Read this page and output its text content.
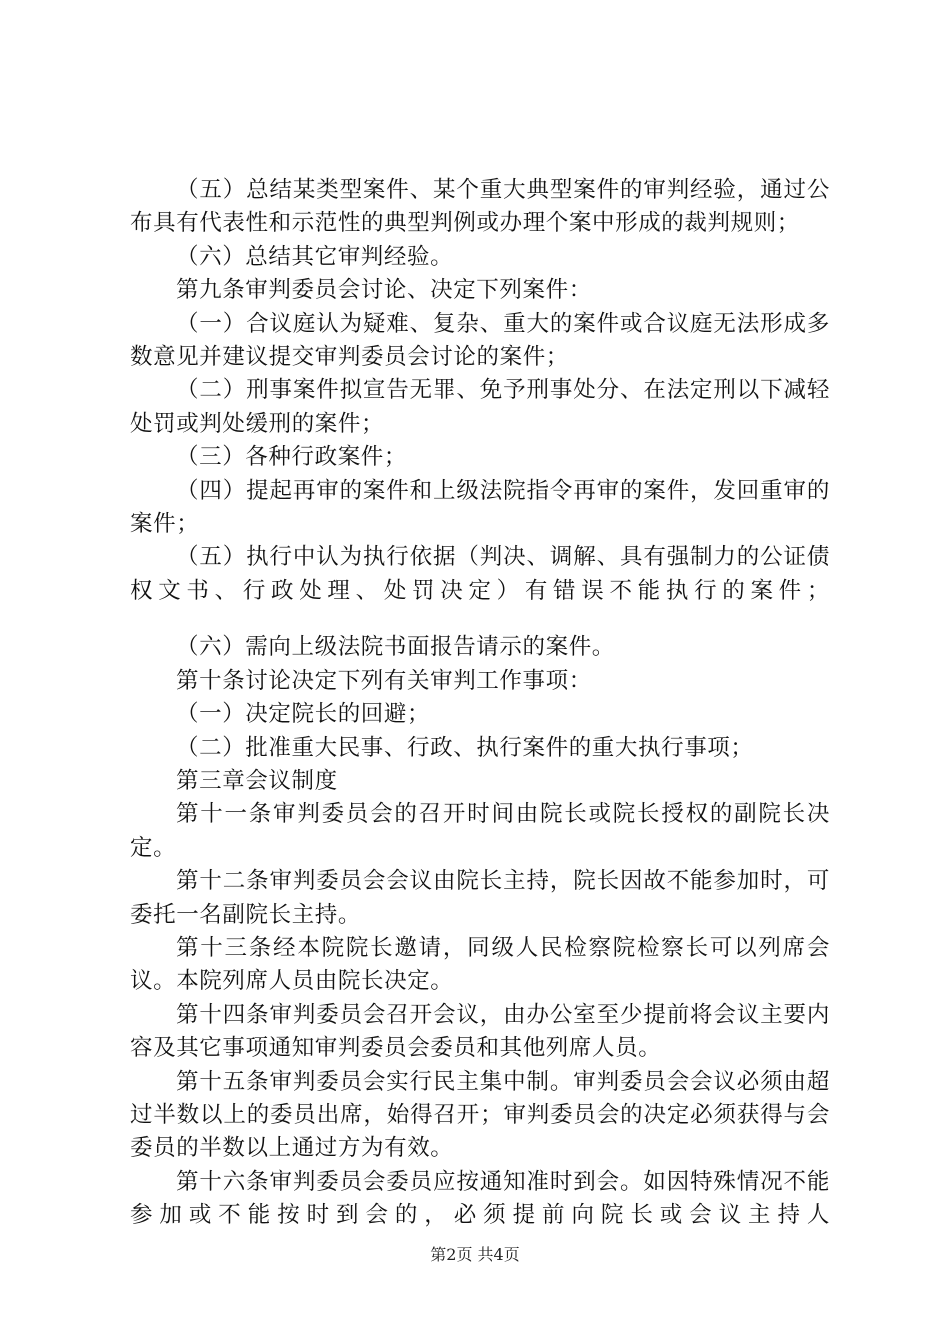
（五）总结某类型案件、某个重大典型案件的审判经验，通过公布具有代表性和示范性的典型判例或办理个案中形成的裁判规则；

（六）总结其它审判经验。

第九条审判委员会讨论、决定下列案件：

（一）合议庭认为疑难、复杂、重大的案件或合议庭无法形成多数意见并建议提交审判委员会讨论的案件；

（二）刑事案件拟宣告无罪、免予刑事处分、在法定刑以下减轻处罚或判处缓刑的案件；

（三）各种行政案件；

（四）提起再审的案件和上级法院指令再审的案件，发回重审的案件；

（五）执行中认为执行依据（判决、调解、具有强制力的公证债权文书、行政处理、处罚决定）有错误不能执行的案件；

（六）需向上级法院书面报告请示的案件。

第十条讨论决定下列有关审判工作事项：

（一）决定院长的回避；

（二）批准重大民事、行政、执行案件的重大执行事项；

第三章会议制度

第十一条审判委员会的召开时间由院长或院长授权的副院长决定。

第十二条审判委员会会议由院长主持，院长因故不能参加时，可委托一名副院长主持。

第十三条经本院院长邀请，同级人民检察院检察长可以列席会议。本院列席人员由院长决定。

第十四条审判委员会召开会议，由办公室至少提前将会议主要内容及其它事项通知审判委员会委员和其他列席人员。

第十五条审判委员会实行民主集中制。审判委员会会议必须由超过半数以上的委员出席，始得召开；审判委员会的决定必须获得与会委员的半数以上通过方为有效。

第十六条审判委员会委员应按通知准时到会。如因特殊情况不能参加或不能按时到会的，必须提前向院长或会议主持人

第2页 共4页
